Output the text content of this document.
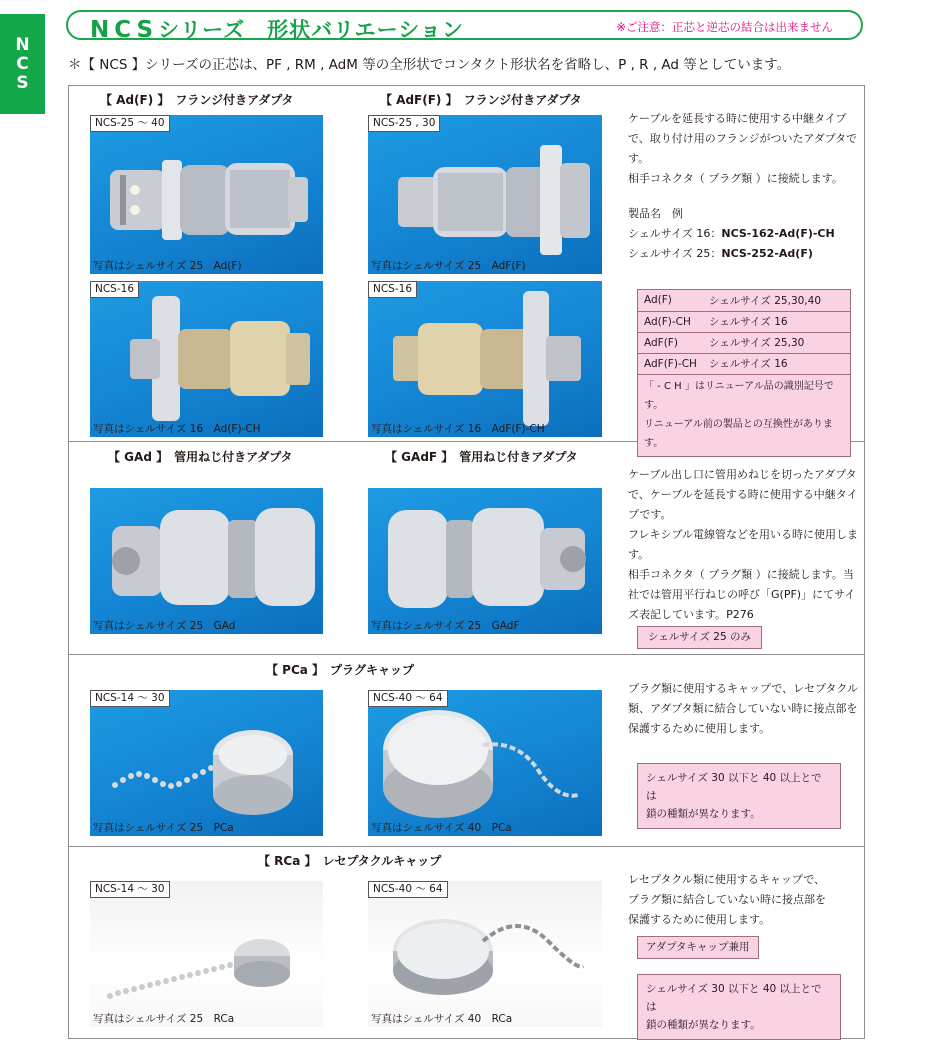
NCS
NCSシリーズ　形状バリエーション	※ご注意：正芯と逆芯の結合は出来ません
＊【 NCS 】シリーズの正芯は、PF , RM , AdM 等の全形状でコンタクト形状名を省略し、P , R , Ad 等としています。
【 Ad(F) 】　フランジ付きアダプタ	【 AdF(F) 】　フランジ付きアダプタ
NCS-25 ～ 40
写真はシェルサイズ 25　Ad(F)
NCS-25 , 30
写真はシェルサイズ 25　AdF(F)
NCS-16
写真はシェルサイズ 16　Ad(F)-CH
NCS-16
写真はシェルサイズ 16　AdF(F)-CH
ケーブルを延長する時に使用する中継タイプ
で、取り付け用のフランジがついたアダプタで
す。
相手コネクタ（ プラグ類 ）に接続します。
製品名　例
シェルサイズ 16：NCS-162-Ad(F)-CH
シェルサイズ 25：NCS-252-Ad(F)
Ad(F)	シェルサイズ 25,30,40
Ad(F)-CH	シェルサイズ 16
AdF(F)	シェルサイズ 25,30
AdF(F)-CH	シェルサイズ 16
「 - C H 」はリニューアル品の識別記号です。
リニューアル前の製品との互換性があります。
【 GAd 】　管用ねじ付きアダプタ	【 GAdF 】　管用ねじ付きアダプタ
写真はシェルサイズ 25　GAd	写真はシェルサイズ 25　GAdF
ケーブル出し口に管用めねじを切ったアダプタ
で、ケーブルを延長する時に使用する中継タイ
プです。
フレキシブル電線管などを用いる時に使用しま
す。
相手コネクタ（ プラグ類 ）に接続します。当
社では管用平行ねじの呼び「G(PF)」にてサイ
ズ表記しています。P276
シェルサイズ 25 のみ
【 PCa 】　プラグキャップ
NCS-14 ～ 30
写真はシェルサイズ 25　PCa
NCS-40 ～ 64
写真はシェルサイズ 40　PCa
プラグ類に使用するキャップで、レセプタクル
類、アダプタ類に結合していない時に接点部を
保護するために使用します。
シェルサイズ 30 以下と 40 以上とでは
鎖の種類が異なります。
【 RCa 】　レセプタクルキャップ
NCS-14 ～ 30
写真はシェルサイズ 25　RCa
NCS-40 ～ 64
写真はシェルサイズ 40　RCa
レセプタクル類に使用するキャップで、
プラグ類に結合していない時に接点部を
保護するために使用します。
アダプタキャップ兼用
シェルサイズ 30 以下と 40 以上とでは
鎖の種類が異なります。
